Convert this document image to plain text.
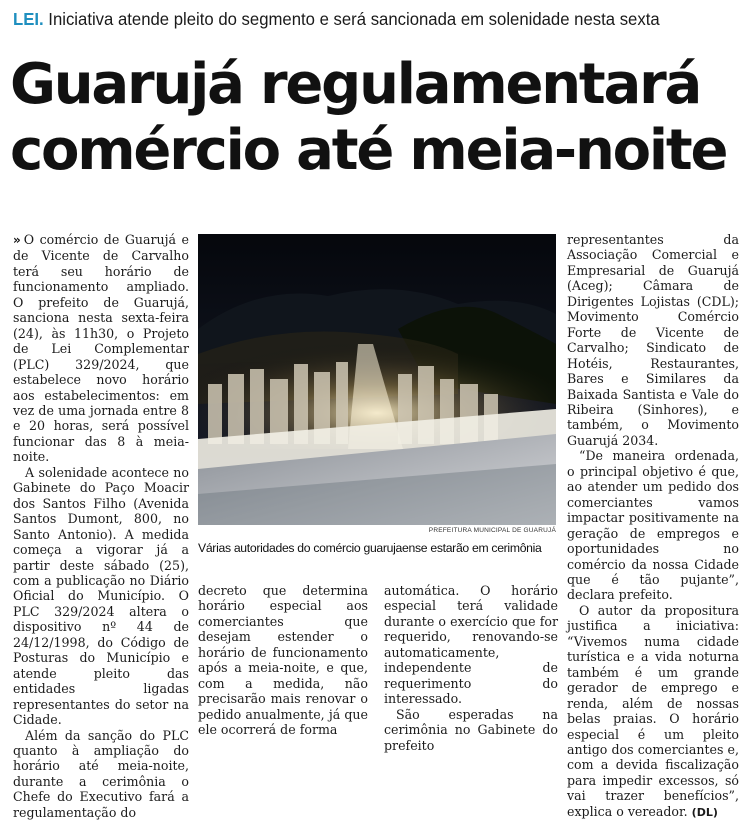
LEI. Iniciativa atende pleito do segmento e será sancionada em solenidade nesta sexta
Guarujá regulamentará
comércio até meia-noite

» O comércio de Guarujá e de Vicente de Carvalho terá seu horário de funcionamento ampliado. O prefeito de Guarujá, sanciona nesta sexta-feira (24), às 11h30, o Projeto de Lei Complementar (PLC) 329/2024, que estabelece novo horário aos estabelecimentos: em vez de uma jornada entre 8 e 20 horas, será possível funcionar das 8 à meia-noite.

A solenidade acontece no Gabinete do Paço Moacir dos Santos Filho (Avenida Santos Dumont, 800, no Santo Antonio). A medida começa a vigorar já a partir deste sábado (25), com a publicação no Diário Oficial do Município. O PLC 329/2024 altera o dispositivo nº 44 de 24/12/1998, do Código de Posturas do Município e atende pleito das entidades ligadas representantes do setor na Cidade.

Além da sanção do PLC quanto à ampliação do horário até meia-noite, durante a cerimônia o Chefe do Executivo fará a regulamentação do

PREFEITURA MUNICIPAL DE GUARUJÁ
Várias autoridades do comércio guarujaense estarão em cerimônia

decreto que determina horário especial aos comerciantes que desejam estender o horário de funcionamento após a meia-noite, e que, com a medida, não precisarão mais renovar o pedido anualmente, já que ele ocorrerá de forma

automática. O horário especial terá validade durante o exercício que for requerido, renovando-se automaticamente, independente de requerimento do interessado.

São esperadas na cerimônia no Gabinete do prefeito

representantes da Associação Comercial e Empresarial de Guarujá (Aceg); Câmara de Dirigentes Lojistas (CDL); Movimento Comércio Forte de Vicente de Carvalho; Sindicato de Hotéis, Restaurantes, Bares e Similares da Baixada Santista e Vale do Ribeira (Sinhores), e também, o Movimento Guarujá 2034.

“De maneira ordenada, o principal objetivo é que, ao atender um pedido dos comerciantes vamos impactar positivamente na geração de empregos e oportunidades no comércio da nossa Cidade que é tão pujante”, declara prefeito.

O autor da propositura justifica a iniciativa: “Vivemos numa cidade turística e a vida noturna também é um grande gerador de emprego e renda, além de nossas belas praias. O horário especial é um pleito antigo dos comerciantes e, com a devida fiscalização para impedir excessos, só vai trazer benefícios”, explica o vereador. (DL)
